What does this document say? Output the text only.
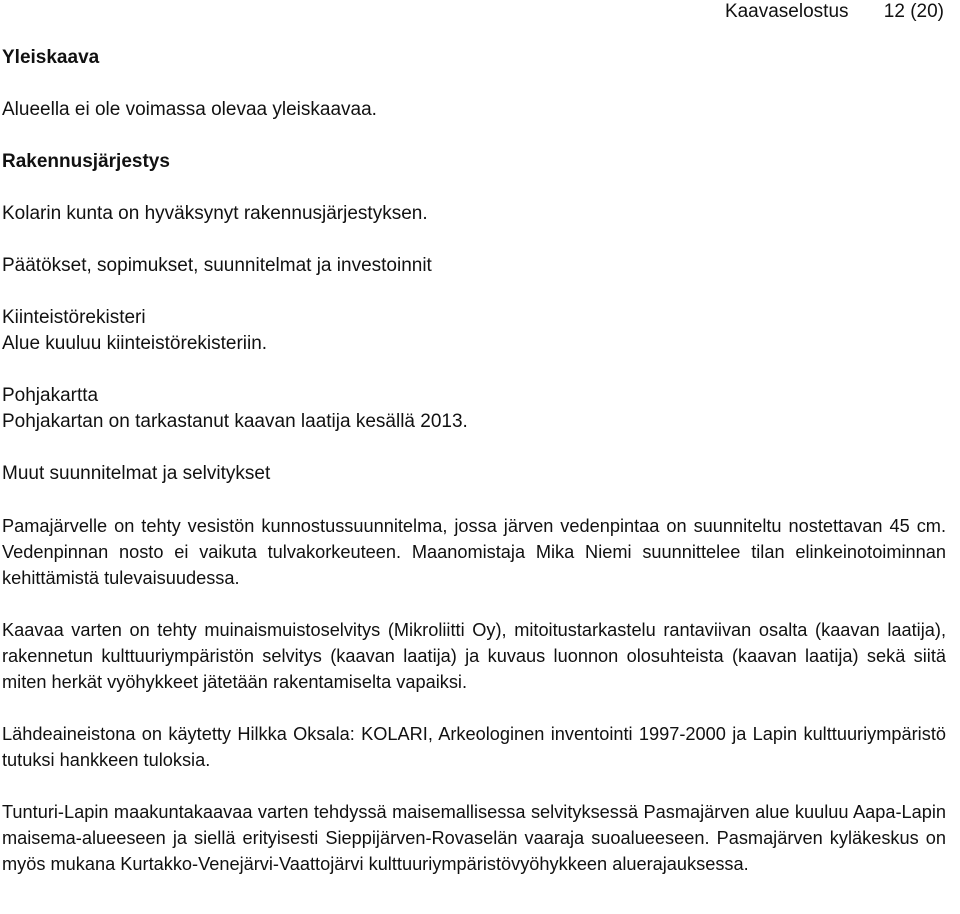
Kaavaselostus 12 (20)
Yleiskaava

Alueella ei ole voimassa olevaa yleiskaavaa.

Rakennusjärjestys

Kolarin kunta on hyväksynyt rakennusjärjestyksen.

Päätökset, sopimukset, suunnitelmat ja investoinnit
Kiinteistörekisteri

Alue kuuluu kiinteistörekisteriin.

Pohjakartta

Pohjakartan on tarkastanut kaavan laatija kesällä 2013.

Muut suunnitelmat ja selvitykset

Pamajärvelle on tehty vesistön kunnostussuunnitelma, jossa järven vedenpintaa on suunniteltu nostettavan 45 cm. Vedenpinnan nosto ei vaikuta tulvakorkeuteen. Maanomistaja Mika Niemi suunnittelee tilan elinkeinotoiminnan kehittämistä tulevaisuudessa.

Kaavaa varten on tehty muinaismuistoselvitys (Mikroliitti Oy), mitoitustarkastelu rantaviivan osalta (kaavan laatija), rakennetun kulttuuriympäristön selvitys (kaavan laatija) ja kuvaus luonnon olosuhteista (kaavan laatija) sekä siitä miten herkät vyöhykkeet jätetään rakentamiselta vapaiksi.

Lähdeaineistona on käytetty Hilkka Oksala: KOLARI, Arkeologinen inventointi 1997-2000 ja Lapin kulttuuriympäristö tutuksi hankkeen tuloksia.

Tunturi-Lapin maakuntakaavaa varten tehdyssä maisemallisessa selvityksessä Pasmajärven alue kuuluu Aapa-Lapin maisema-alueeseen ja siellä erityisesti Sieppijärven-Rovaselän vaaraja suoalueeseen. Pasmajärven kyläkeskus on myös mukana Kurtakko-Venejärvi-Vaattojärvi kulttuuriympäristövyöhykkeen aluerajauksessa.
